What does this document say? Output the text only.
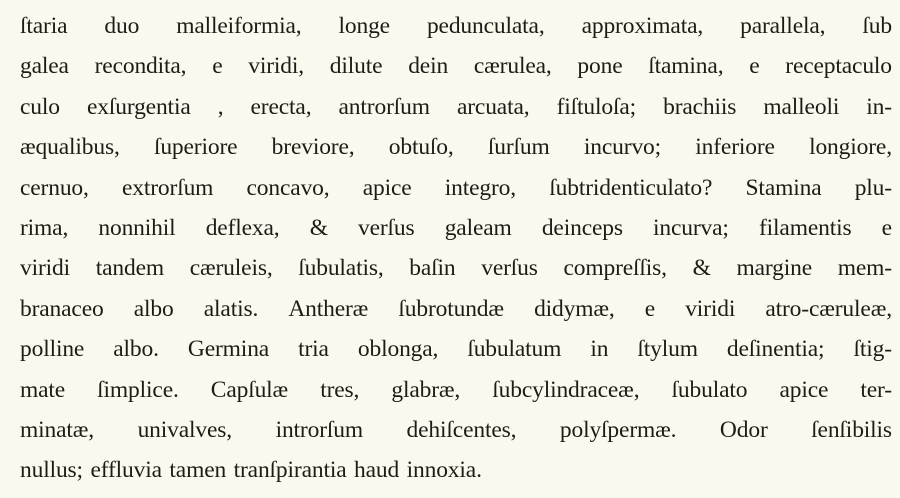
ſtaria duo malleiformia, longe pedunculata, approximata, parallela, ſub
galea recondita, e viridi, dilute dein cærulea, pone ſtamina, e receptaculo
culo exſurgentia , erecta, antrorſum arcuata, fiſtuloſa; brachiis malleoli in-
æqualibus, ſuperiore breviore, obtuſo, ſurſum incurvo; inferiore longiore,
cernuo, extrorſum concavo, apice integro, ſubtridenticulato? Stamina plu-
rima, nonnihil deflexa, & verſus galeam deinceps incurva; filamentis e
viridi tandem cæruleis, ſubulatis, baſin verſus compreſſis, & margine mem-
branaceo albo alatis. Antheræ ſubrotundæ didymæ, e viridi atro-cæruleæ,
polline albo. Germina tria oblonga, ſubulatum in ſtylum deſinentia; ſtig-
mate ſimplice. Capſulæ tres, glabræ, ſubcylindraceæ, ſubulato apice ter-
minatæ, univalves, introrſum dehiſcentes, polyſpermæ. Odor ſenſibilis
nullus; effluvia tamen tranſpirantia haud innoxia.
